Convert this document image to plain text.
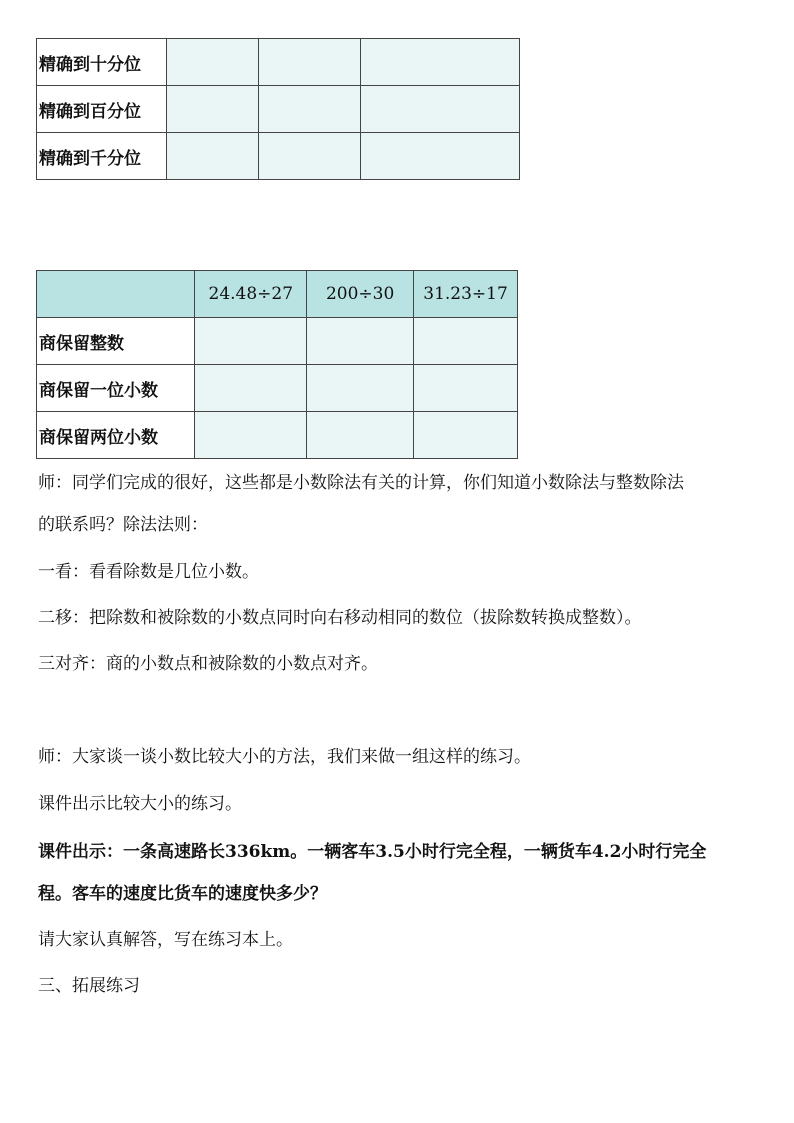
精确到十分位			
精确到百分位			
精确到千分位			
	24.48÷27	200÷30	31.23÷17
商保留整数			
商保留一位小数			
商保留两位小数			

师：同学们完成的很好，这些都是小数除法有关的计算，你们知道小数除法与整数除法

的联系吗？除法法则：

一看：看看除数是几位小数。

二移：把除数和被除数的小数点同时向右移动相同的数位（拔除数转换成整数）。

三对齐：商的小数点和被除数的小数点对齐。

师：大家谈一谈小数比较大小的方法，我们来做一组这样的练习。

课件出示比较大小的练习。

课件出示：一条高速路长336km。一辆客车3.5小时行完全程，一辆货车4.2小时行完全

程。客车的速度比货车的速度快多少？

请大家认真解答，写在练习本上。

三、拓展练习
